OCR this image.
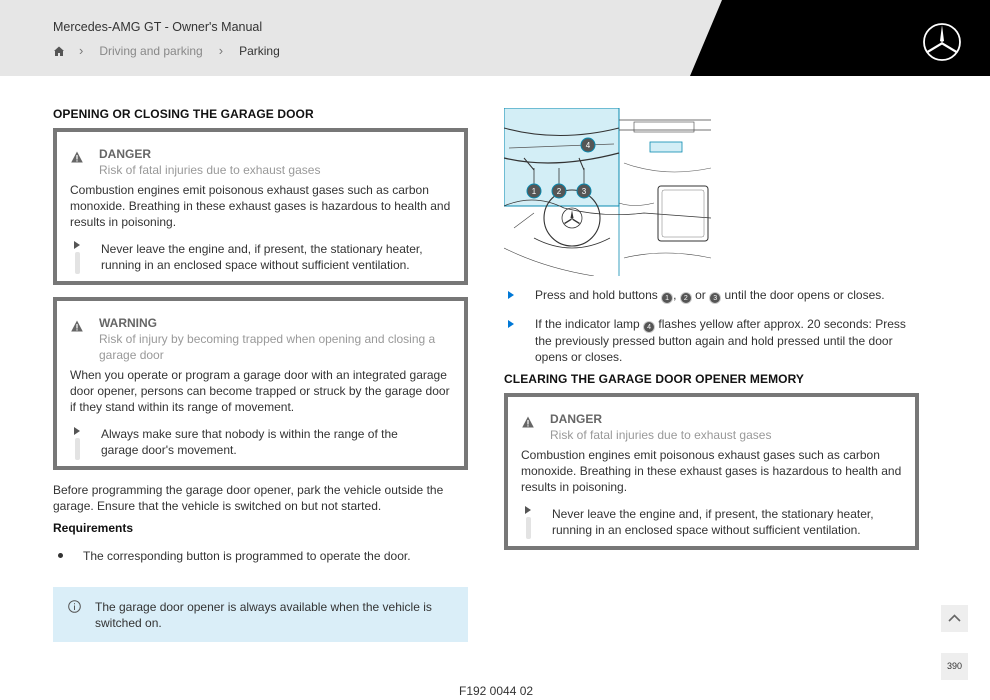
Mercedes-AMG GT - Owner's Manual
› Driving and parking › Parking
OPENING OR CLOSING THE GARAGE DOOR
DANGER
Risk of fatal injuries due to exhaust gases
Combustion engines emit poisonous exhaust gases such as carbon
monoxide. Breathing in these exhaust gases is hazardous to health and
results in poisoning.
Never leave the engine and, if present, the stationary heater,
running in an enclosed space without sufficient ventilation.
WARNING
Risk of injury by becoming trapped when opening and closing a
garage door
When you operate or program a garage door with an integrated garage
door opener, persons can become trapped or struck by the garage door
if they stand within its range of movement.
Always make sure that nobody is within the range of the
garage door's movement.
Before programming the garage door opener, park the vehicle outside the
garage. Ensure that the vehicle is switched on but not started.
Requirements
The corresponding button is programmed to operate the door.
The garage door opener is always available when the vehicle is
switched on.
1	2	3
4
Press and hold buttons 1 , 2 or 3 until the door opens or closes.
If the indicator lamp 4 flashes yellow after approx. 20 seconds: Press
the previously pressed button again and hold pressed until the door
opens or closes.
CLEARING THE GARAGE DOOR OPENER MEMORY
DANGER
Risk of fatal injuries due to exhaust gases
Combustion engines emit poisonous exhaust gases such as carbon
monoxide. Breathing in these exhaust gases is hazardous to health and
results in poisoning.
Never leave the engine and, if present, the stationary heater,
running in an enclosed space without sufficient ventilation.
390
F192 0044 02
